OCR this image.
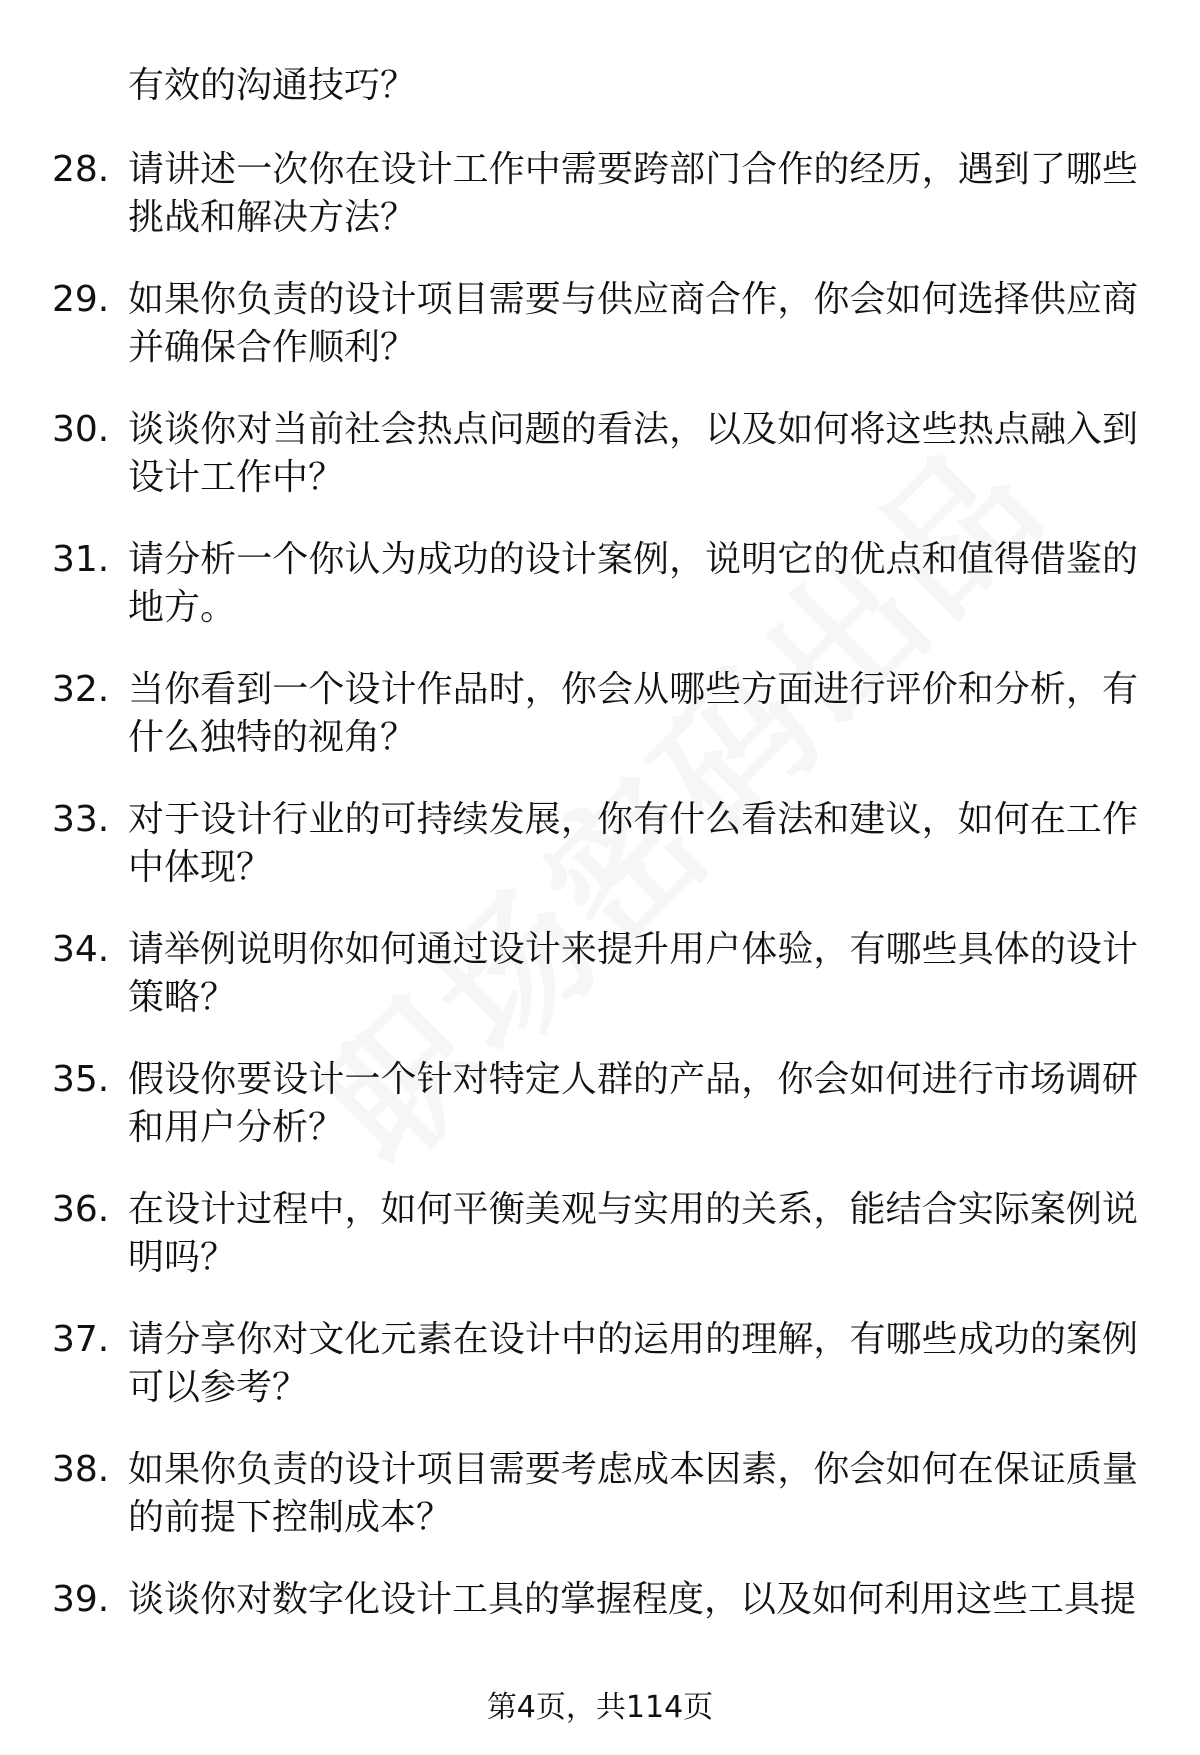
有效的沟通技巧？
28. 请讲述一次你在设计工作中需要跨部门合作的经历，遇到了哪些挑战和解决方法？
29. 如果你负责的设计项目需要与供应商合作，你会如何选择供应商并确保合作顺利？
30. 谈谈你对当前社会热点问题的看法，以及如何将这些热点融入到设计工作中？
31. 请分析一个你认为成功的设计案例，说明它的优点和值得借鉴的地方。
32. 当你看到一个设计作品时，你会从哪些方面进行评价和分析，有什么独特的视角？
33. 对于设计行业的可持续发展，你有什么看法和建议，如何在工作中体现？
34. 请举例说明你如何通过设计来提升用户体验，有哪些具体的设计策略？
35. 假设你要设计一个针对特定人群的产品，你会如何进行市场调研和用户分析？
36. 在设计过程中，如何平衡美观与实用的关系，能结合实际案例说明吗？
37. 请分享你对文化元素在设计中的运用的理解，有哪些成功的案例可以参考？
38. 如果你负责的设计项目需要考虑成本因素，你会如何在保证质量的前提下控制成本？
39. 谈谈你对数字化设计工具的掌握程度，以及如何利用这些工具提
第4页，共114页
